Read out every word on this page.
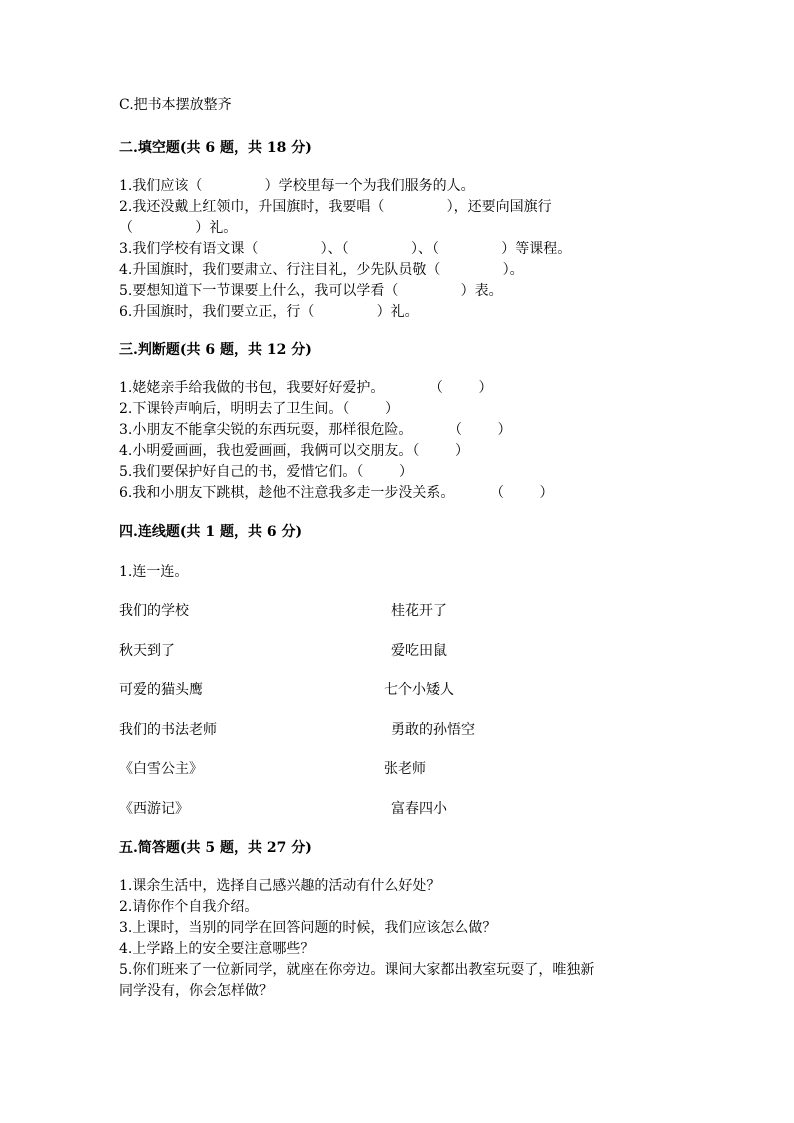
C.把书本摆放整齐
二.填空题(共 6 题，共 18 分)
1.我们应该（              ）学校里每一个为我们服务的人。
2.我还没戴上红领巾，升国旗时，我要唱（              ），还要向国旗行
（              ）礼。
3.我们学校有语文课（              ）、（              ）、（              ）等课程。
4.升国旗时，我们要肃立、行注目礼，少先队员敬（              ）。
5.要想知道下一节课要上什么，我可以学看（              ）表。
6.升国旗时，我们要立正，行（              ）礼。
三.判断题(共 6 题，共 12 分)
1.姥姥亲手给我做的书包，我要好好爱护。          （        ）
2.下课铃声响后，明明去了卫生间。（        ）
3.小朋友不能拿尖锐的东西玩耍，那样很危险。        （        ）
4.小明爱画画，我也爱画画，我俩可以交朋友。（        ）
5.我们要保护好自己的书，爱惜它们。（        ）
6.我和小朋友下跳棋，趁他不注意我多走一步没关系。        （        ）
四.连线题(共 1 题，共 6 分)
1.连一连。
我们的学校	桂花开了
秋天到了	爱吃田鼠
可爱的猫头鹰	七个小矮人
我们的书法老师	勇敢的孙悟空
《白雪公主》	张老师
《西游记》	富春四小
五.简答题(共 5 题，共 27 分)
1.课余生活中，选择自己感兴趣的活动有什么好处？
2.请你作个自我介绍。
3.上课时，当别的同学在回答问题的时候，我们应该怎么做？
4.上学路上的安全要注意哪些？
5.你们班来了一位新同学，就座在你旁边。课间大家都出教室玩耍了，唯独新
同学没有，你会怎样做？
